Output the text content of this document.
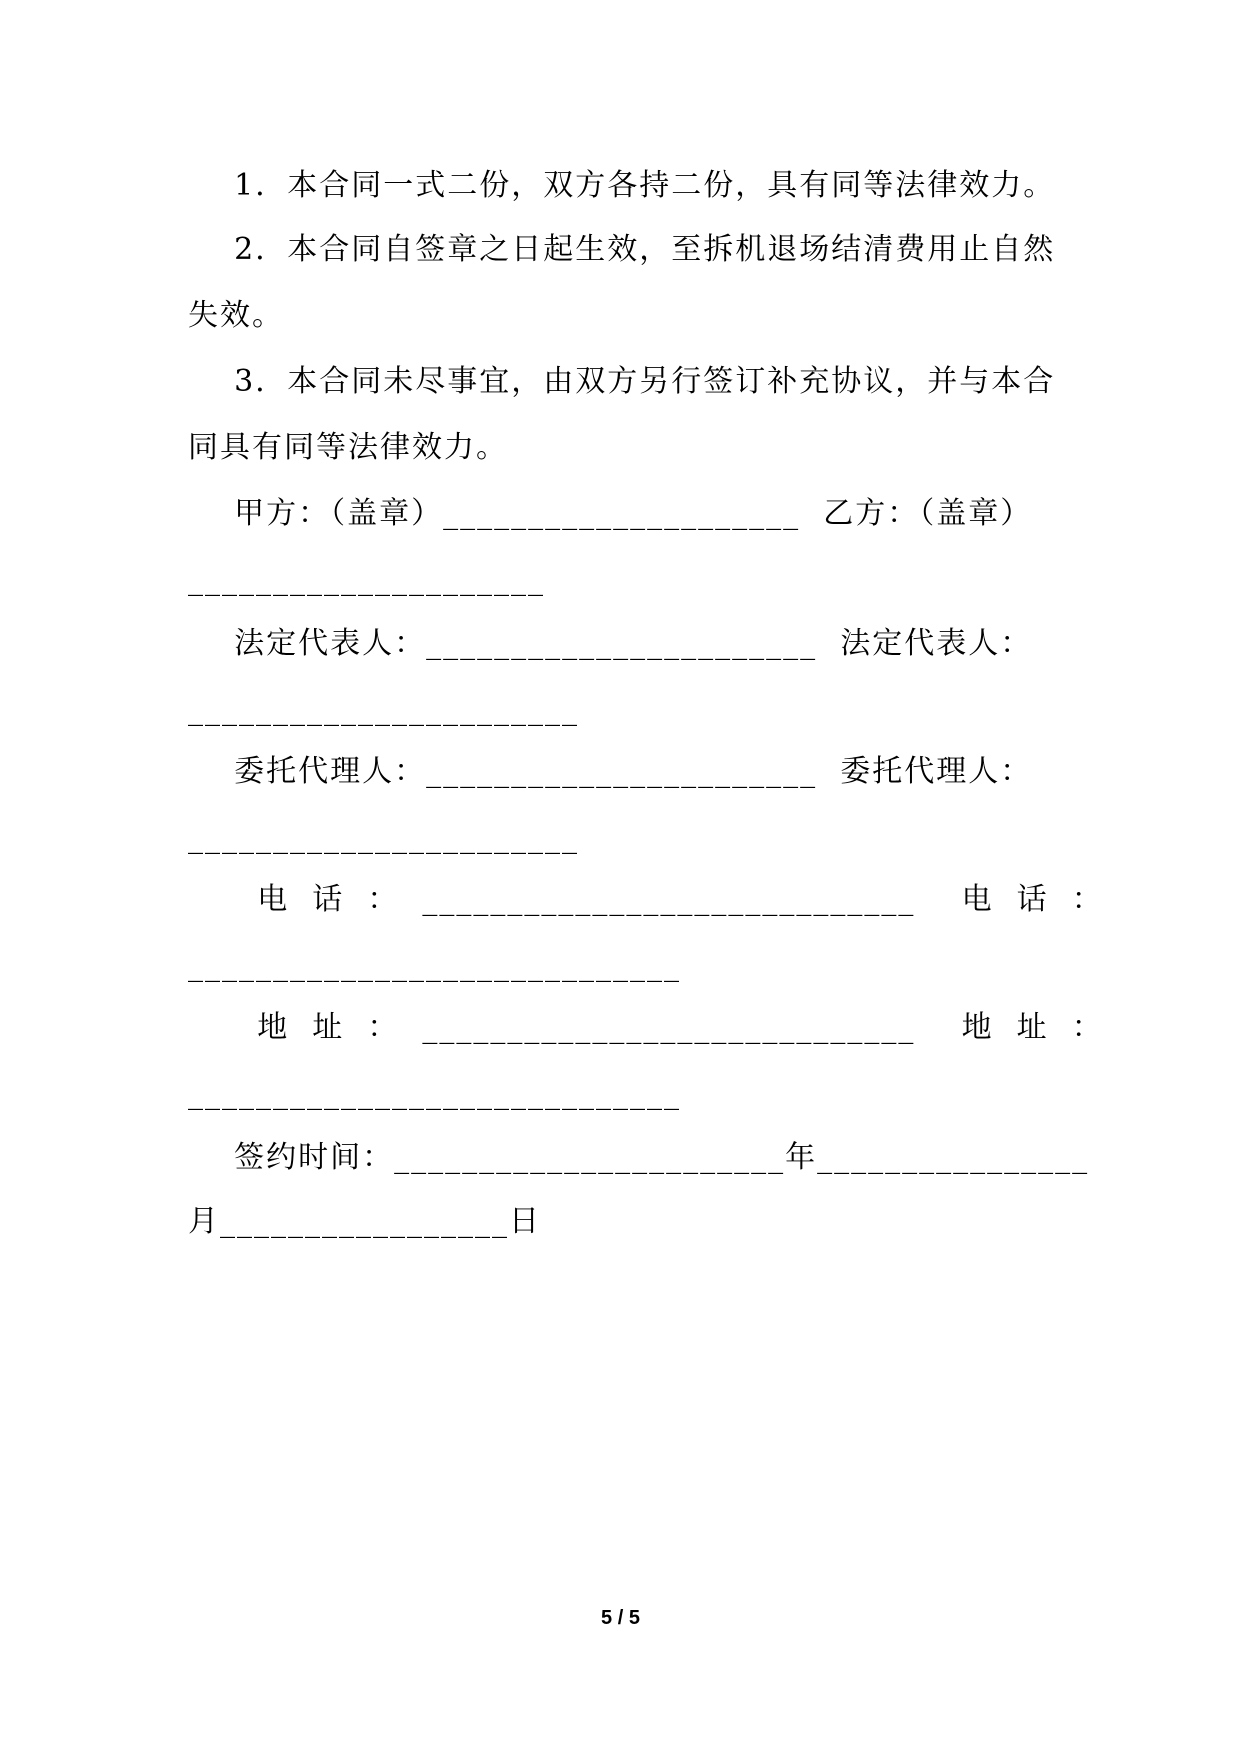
1．本合同一式二份，双方各持二份，具有同等法律效力。
2．本合同自签章之日起生效，至拆机退场结清费用止自然
失效。
3．本合同未尽事宜，由双方另行签订补充协议，并与本合
同具有同等法律效力。
甲方：（盖章）_____________________  乙方：（盖章）
_____________________
法定代表人：_______________________  法定代表人：
_______________________
委托代理人：_______________________  委托代理人：
_______________________
电  话  ：  _____________________________    电  话  ：
_____________________________
地  址  ：  _____________________________    地  址  ：
_____________________________
签约时间：_______________________年________________
月_________________日
5 / 5
